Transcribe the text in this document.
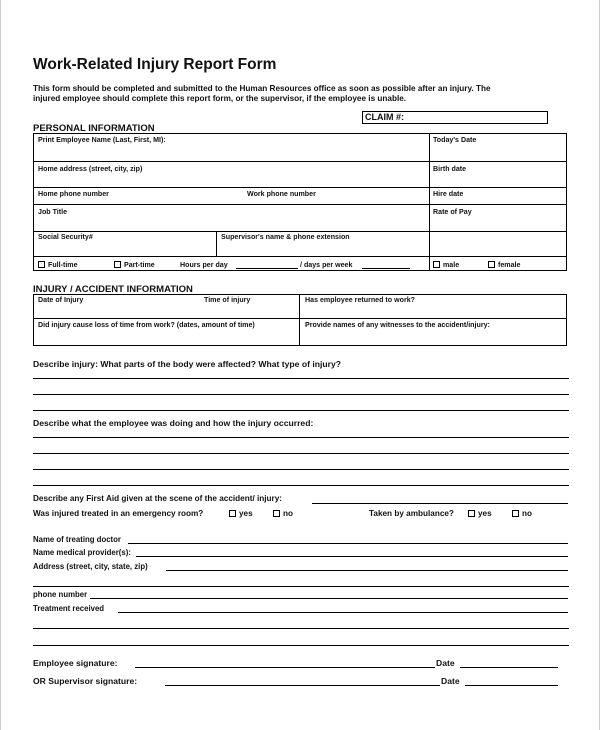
Work-Related Injury Report Form
This form should be completed and submitted to the Human Resources office as soon as possible after an injury. The
injured employee should complete this report form, or the supervisor, if the employee is unable.
CLAIM #:
PERSONAL INFORMATION
Print Employee Name (Last, First, MI):	Today's Date
Home address (street, city, zip)	Birth date
Home phone number	Work phone number	Hire date
Job Title	Rate of Pay
Social Security#	Supervisor's name & phone extension
Full-time	Part-time	Hours per day	/ days per week	male	female
INJURY / ACCIDENT INFORMATION
Date of Injury	Time of injury	Has employee returned to work?
Did injury cause loss of time from work? (dates, amount of time)	Provide names of any witnesses to the accident/injury:
Describe injury: What parts of the body were affected? What type of injury?
Describe what the employee was doing and how the injury occurred:
Describe any First Aid given at the scene of the accident/ injury:
Was injured treated in an emergency room?	yes	no	Taken by ambulance?	yes	no
Name of treating doctor
Name medical provider(s):
Address (street, city, state, zip)
phone number
Treatment received
Employee signature:	Date
OR Supervisor signature:	Date
